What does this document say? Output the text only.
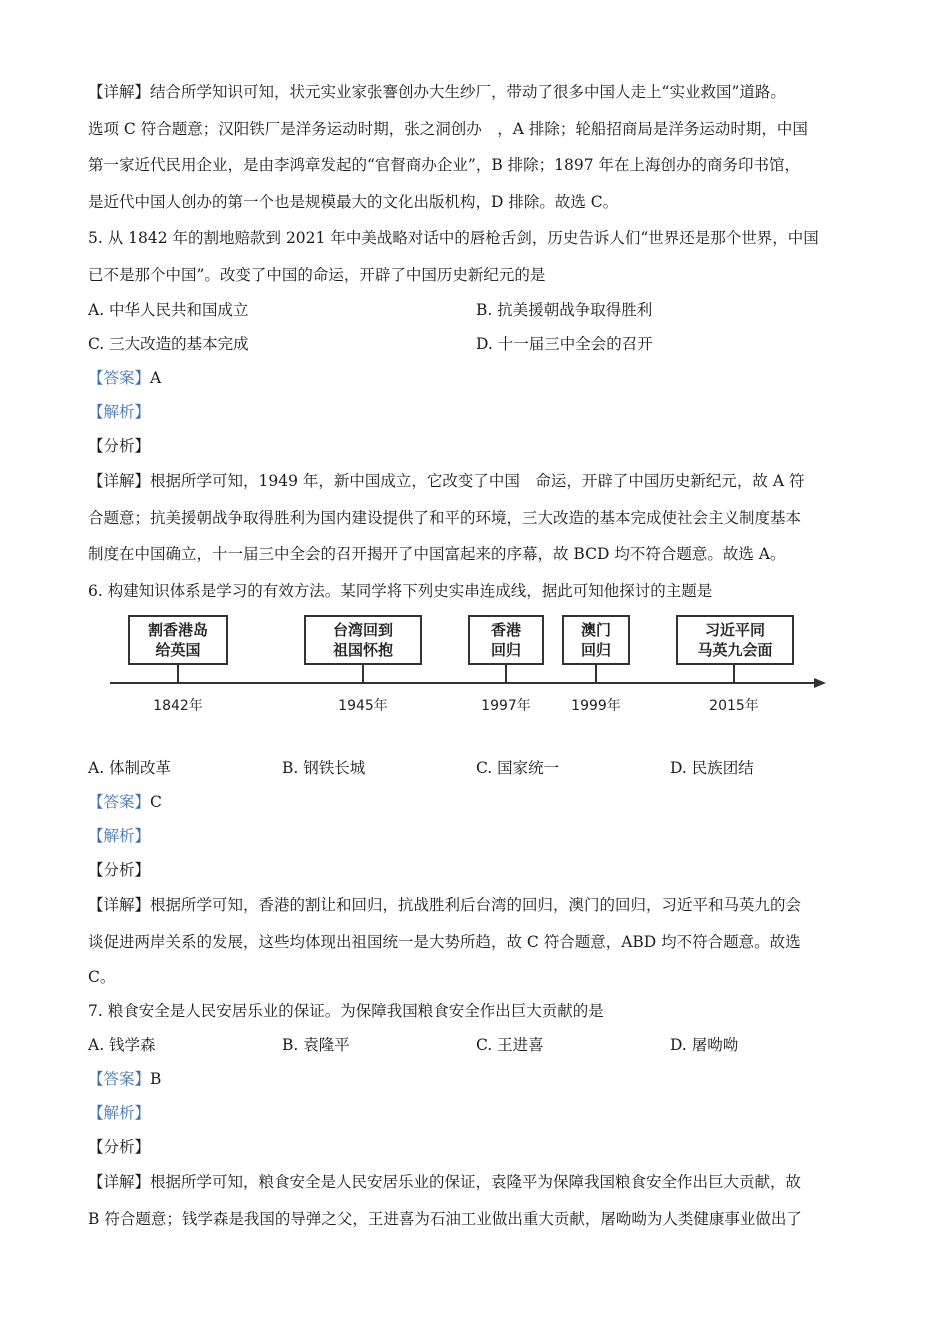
【详解】结合所学知识可知，状元实业家张謇创办大生纱厂，带动了很多中国人走上“实业救国”道路。
选项 C 符合题意；汉阳铁厂是洋务运动时期，张之洞创办　，A 排除；轮船招商局是洋务运动时期，中国
第一家近代民用企业，是由李鸿章发起的“官督商办企业”，B 排除；1897 年在上海创办的商务印书馆，
是近代中国人创办的第一个也是规模最大的文化出版机构，D 排除。故选 C。
5. 从 1842 年的割地赔款到 2021 年中美战略对话中的唇枪舌剑，历史告诉人们“世界还是那个世界，中国
已不是那个中国”。改变了中国的命运，开辟了中国历史新纪元的是
A. 中华人民共和国成立	B. 抗美援朝战争取得胜利
C. 三大改造的基本完成	D. 十一届三中全会的召开
【答案】A
【解析】
【分析】
【详解】根据所学可知，1949 年，新中国成立，它改变了中国　命运，开辟了中国历史新纪元，故 A 符
合题意；抗美援朝战争取得胜利为国内建设提供了和平的环境，三大改造的基本完成使社会主义制度基本
制度在中国确立，十一届三中全会的召开揭开了中国富起来的序幕，故 BCD 均不符合题意。故选 A。
6. 构建知识体系是学习的有效方法。某同学将下列史实串连成线，据此可知他探讨的主题是
割香港岛
给英国
台湾回到
祖国怀抱
香港
回归
澳门
回归
习近平同
马英九会面
1842年	1945年	1997年	1999年	2015年
A. 体制改革	B. 钢铁长城	C. 国家统一	D. 民族团结
【答案】C
【解析】
【分析】
【详解】根据所学可知，香港的割让和回归，抗战胜利后台湾的回归，澳门的回归，习近平和马英九的会
谈促进两岸关系的发展，这些均体现出祖国统一是大势所趋，故 C 符合题意，ABD 均不符合题意。故选
C。
7. 粮食安全是人民安居乐业的保证。为保障我国粮食安全作出巨大贡献的是
A. 钱学森	B. 袁隆平	C. 王进喜	D. 屠呦呦
【答案】B
【解析】
【分析】
【详解】根据所学可知，粮食安全是人民安居乐业的保证，袁隆平为保障我国粮食安全作出巨大贡献，故
B 符合题意；钱学森是我国的导弹之父，王进喜为石油工业做出重大贡献，屠呦呦为人类健康事业做出了
